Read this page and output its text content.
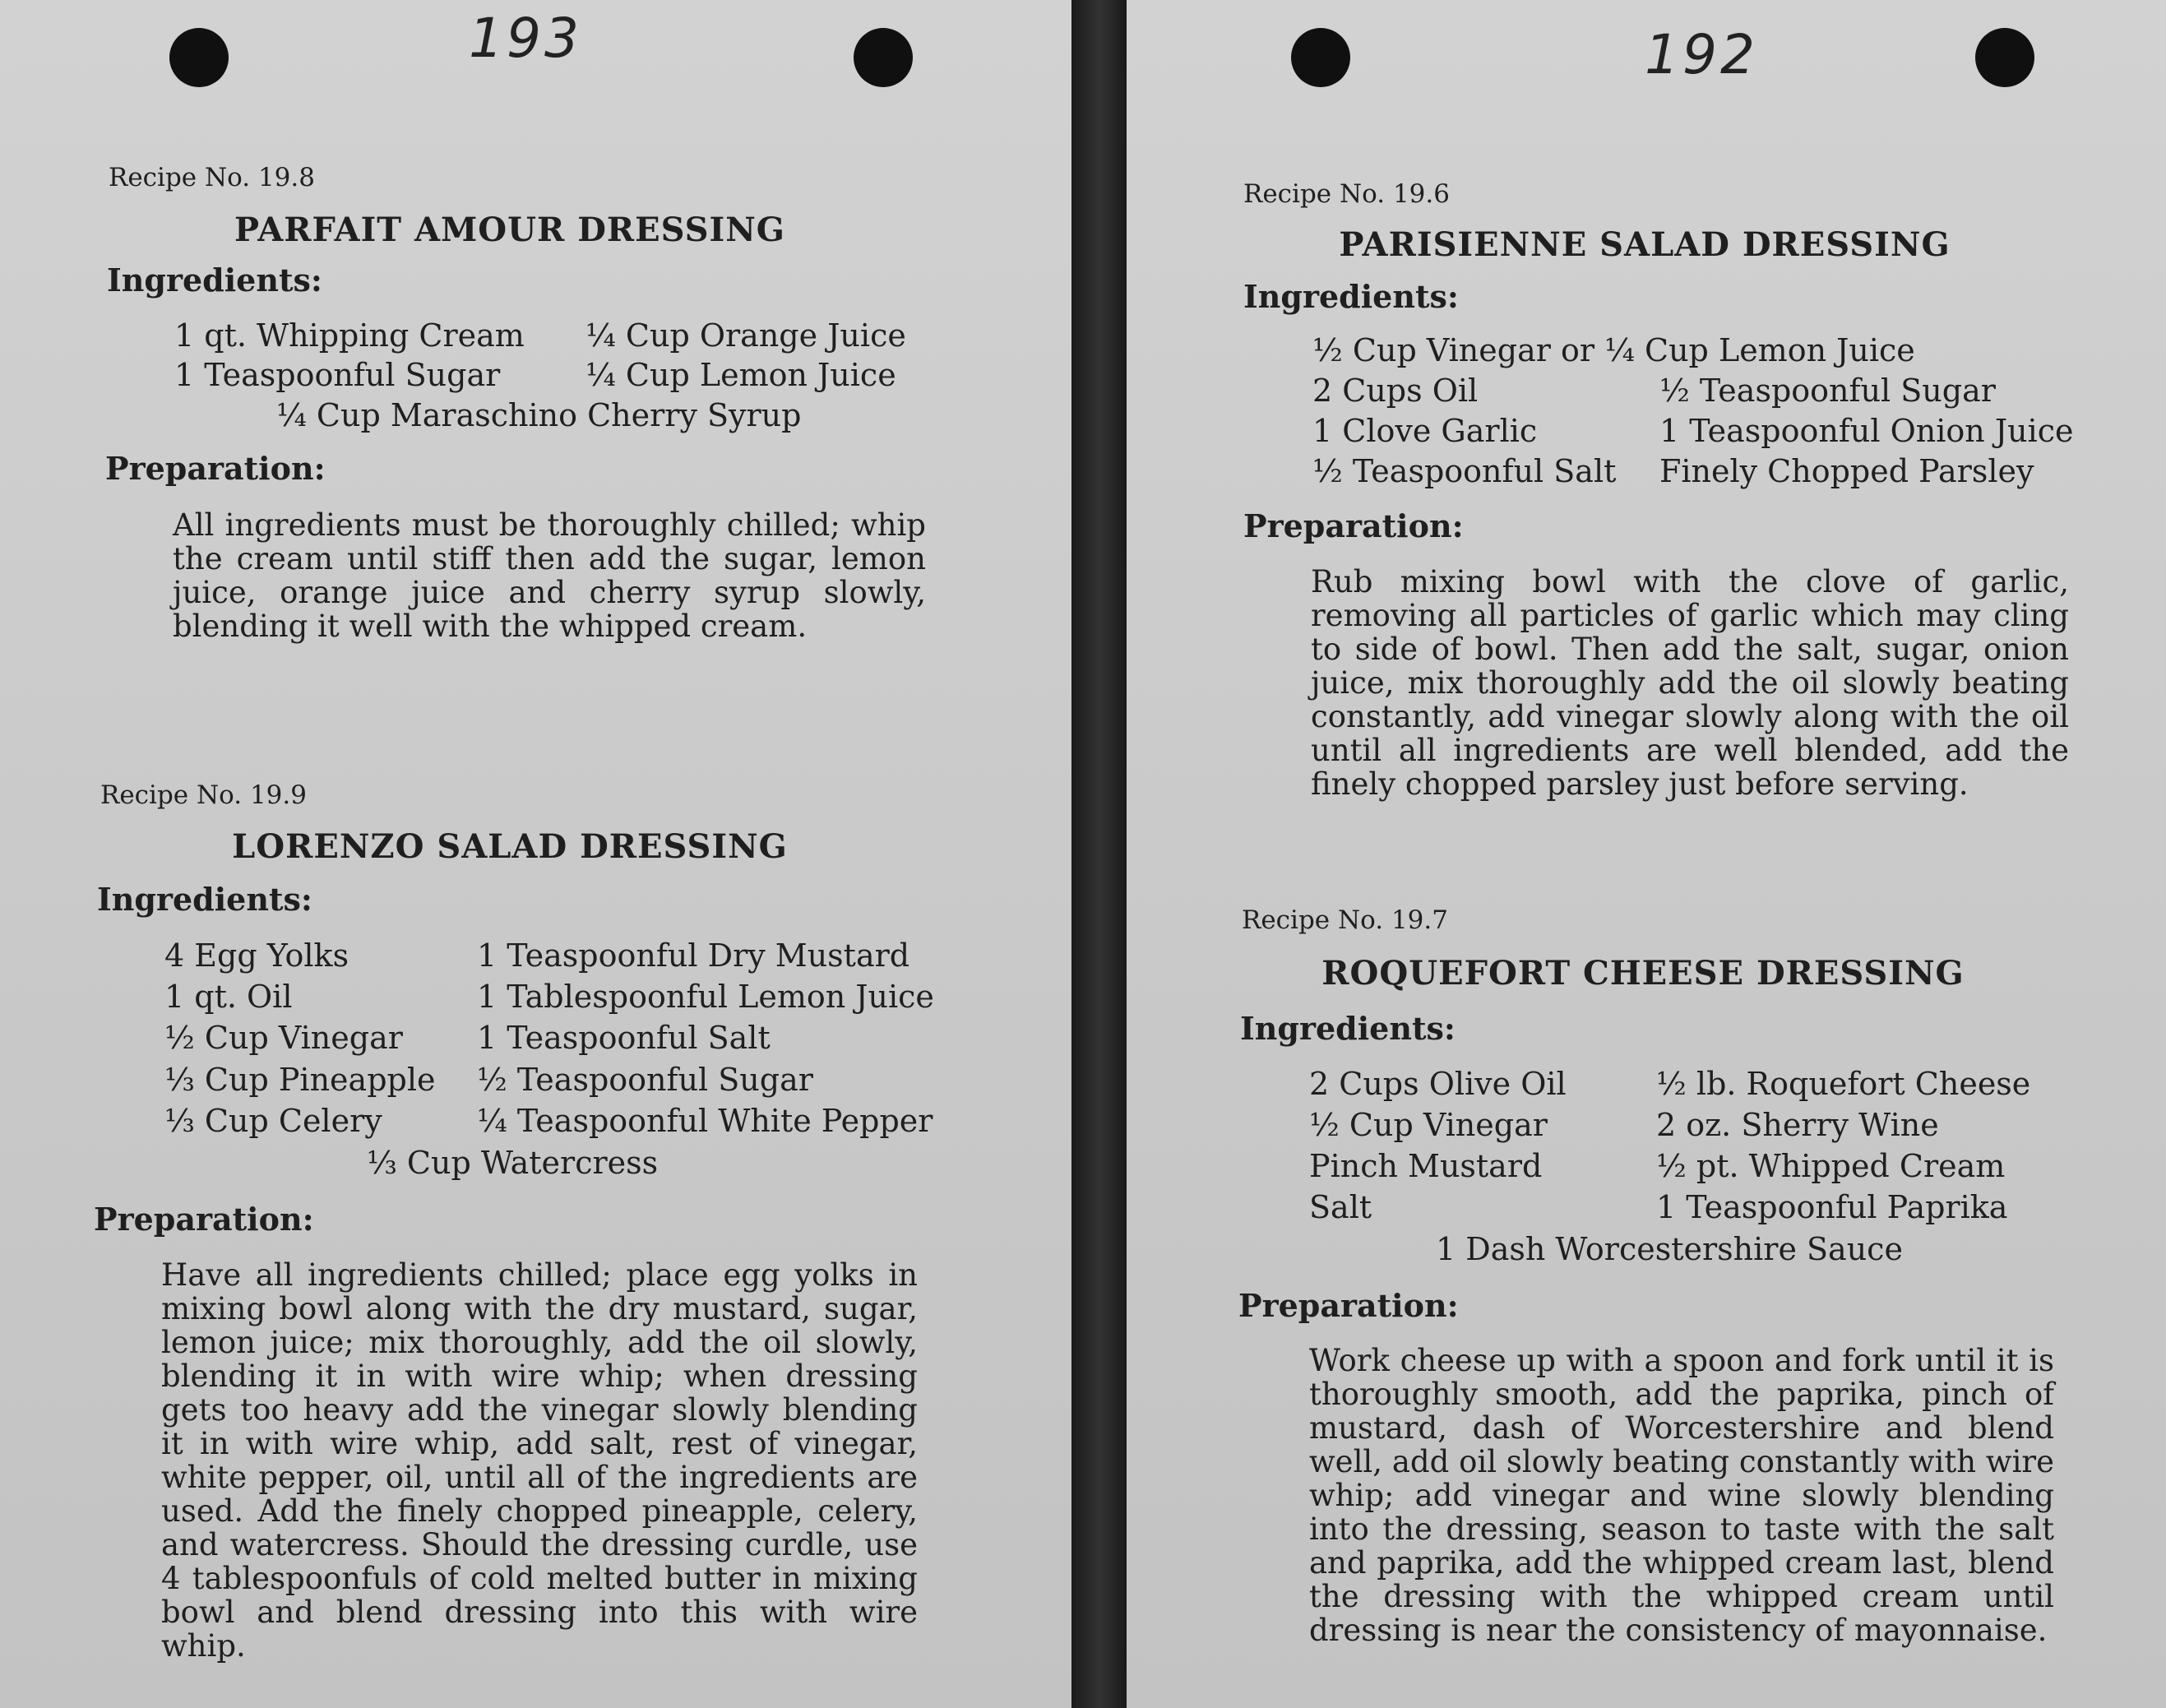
193

Recipe No. 19.8

PARFAIT AMOUR DRESSING

Ingredients:

1 qt. Whipping Cream
1 Teaspoonful Sugar
¼ Cup Orange Juice
¼ Cup Lemon Juice
¼ Cup Maraschino Cherry Syrup

Preparation:

All ingredients must be thoroughly chilled; whip the cream until stiff then add the sugar, lemon juice, orange juice and cherry syrup slowly, blending it well with the whipped cream.

Recipe No. 19.9

LORENZO SALAD DRESSING

Ingredients:

4 Egg Yolks
1 qt. Oil
½ Cup Vinegar
⅓ Cup Pineapple
⅓ Cup Celery
1 Teaspoonful Dry Mustard
1 Tablespoonful Lemon Juice
1 Teaspoonful Salt
½ Teaspoonful Sugar
¼ Teaspoonful White Pepper
⅓ Cup Watercress

Preparation:

Have all ingredients chilled; place egg yolks in mixing bowl along with the dry mustard, sugar, lemon juice; mix thoroughly, add the oil slowly, blending it in with wire whip; when dressing gets too heavy add the vinegar slowly blending it in with wire whip, add salt, rest of vinegar, white pepper, oil, until all of the ingredients are used. Add the finely chopped pineapple, celery, and watercress. Should the dressing curdle, use 4 tablespoonfuls of cold melted butter in mixing bowl and blend dressing into this with wire whip.

192

Recipe No. 19.6

PARISIENNE SALAD DRESSING

Ingredients:

½ Cup Vinegar or ¼ Cup Lemon Juice
2 Cups Oil
1 Clove Garlic
½ Teaspoonful Salt
½ Teaspoonful Sugar
1 Teaspoonful Onion Juice
Finely Chopped Parsley

Preparation:

Rub mixing bowl with the clove of garlic, removing all particles of garlic which may cling to side of bowl. Then add the salt, sugar, onion juice, mix thoroughly add the oil slowly beating constantly, add vinegar slowly along with the oil until all ingredients are well blended, add the finely chopped parsley just before serving.

Recipe No. 19.7

ROQUEFORT CHEESE DRESSING

Ingredients:

2 Cups Olive Oil
½ Cup Vinegar
Pinch Mustard
Salt
½ lb. Roquefort Cheese
2 oz. Sherry Wine
½ pt. Whipped Cream
1 Teaspoonful Paprika
1 Dash Worcestershire Sauce

Preparation:

Work cheese up with a spoon and fork until it is thoroughly smooth, add the paprika, pinch of mustard, dash of Worcestershire and blend well, add oil slowly beating constantly with wire whip; add vinegar and wine slowly blending into the dressing, season to taste with the salt and paprika, add the whipped cream last, blend the dressing with the whipped cream until dressing is near the consistency of mayonnaise.
